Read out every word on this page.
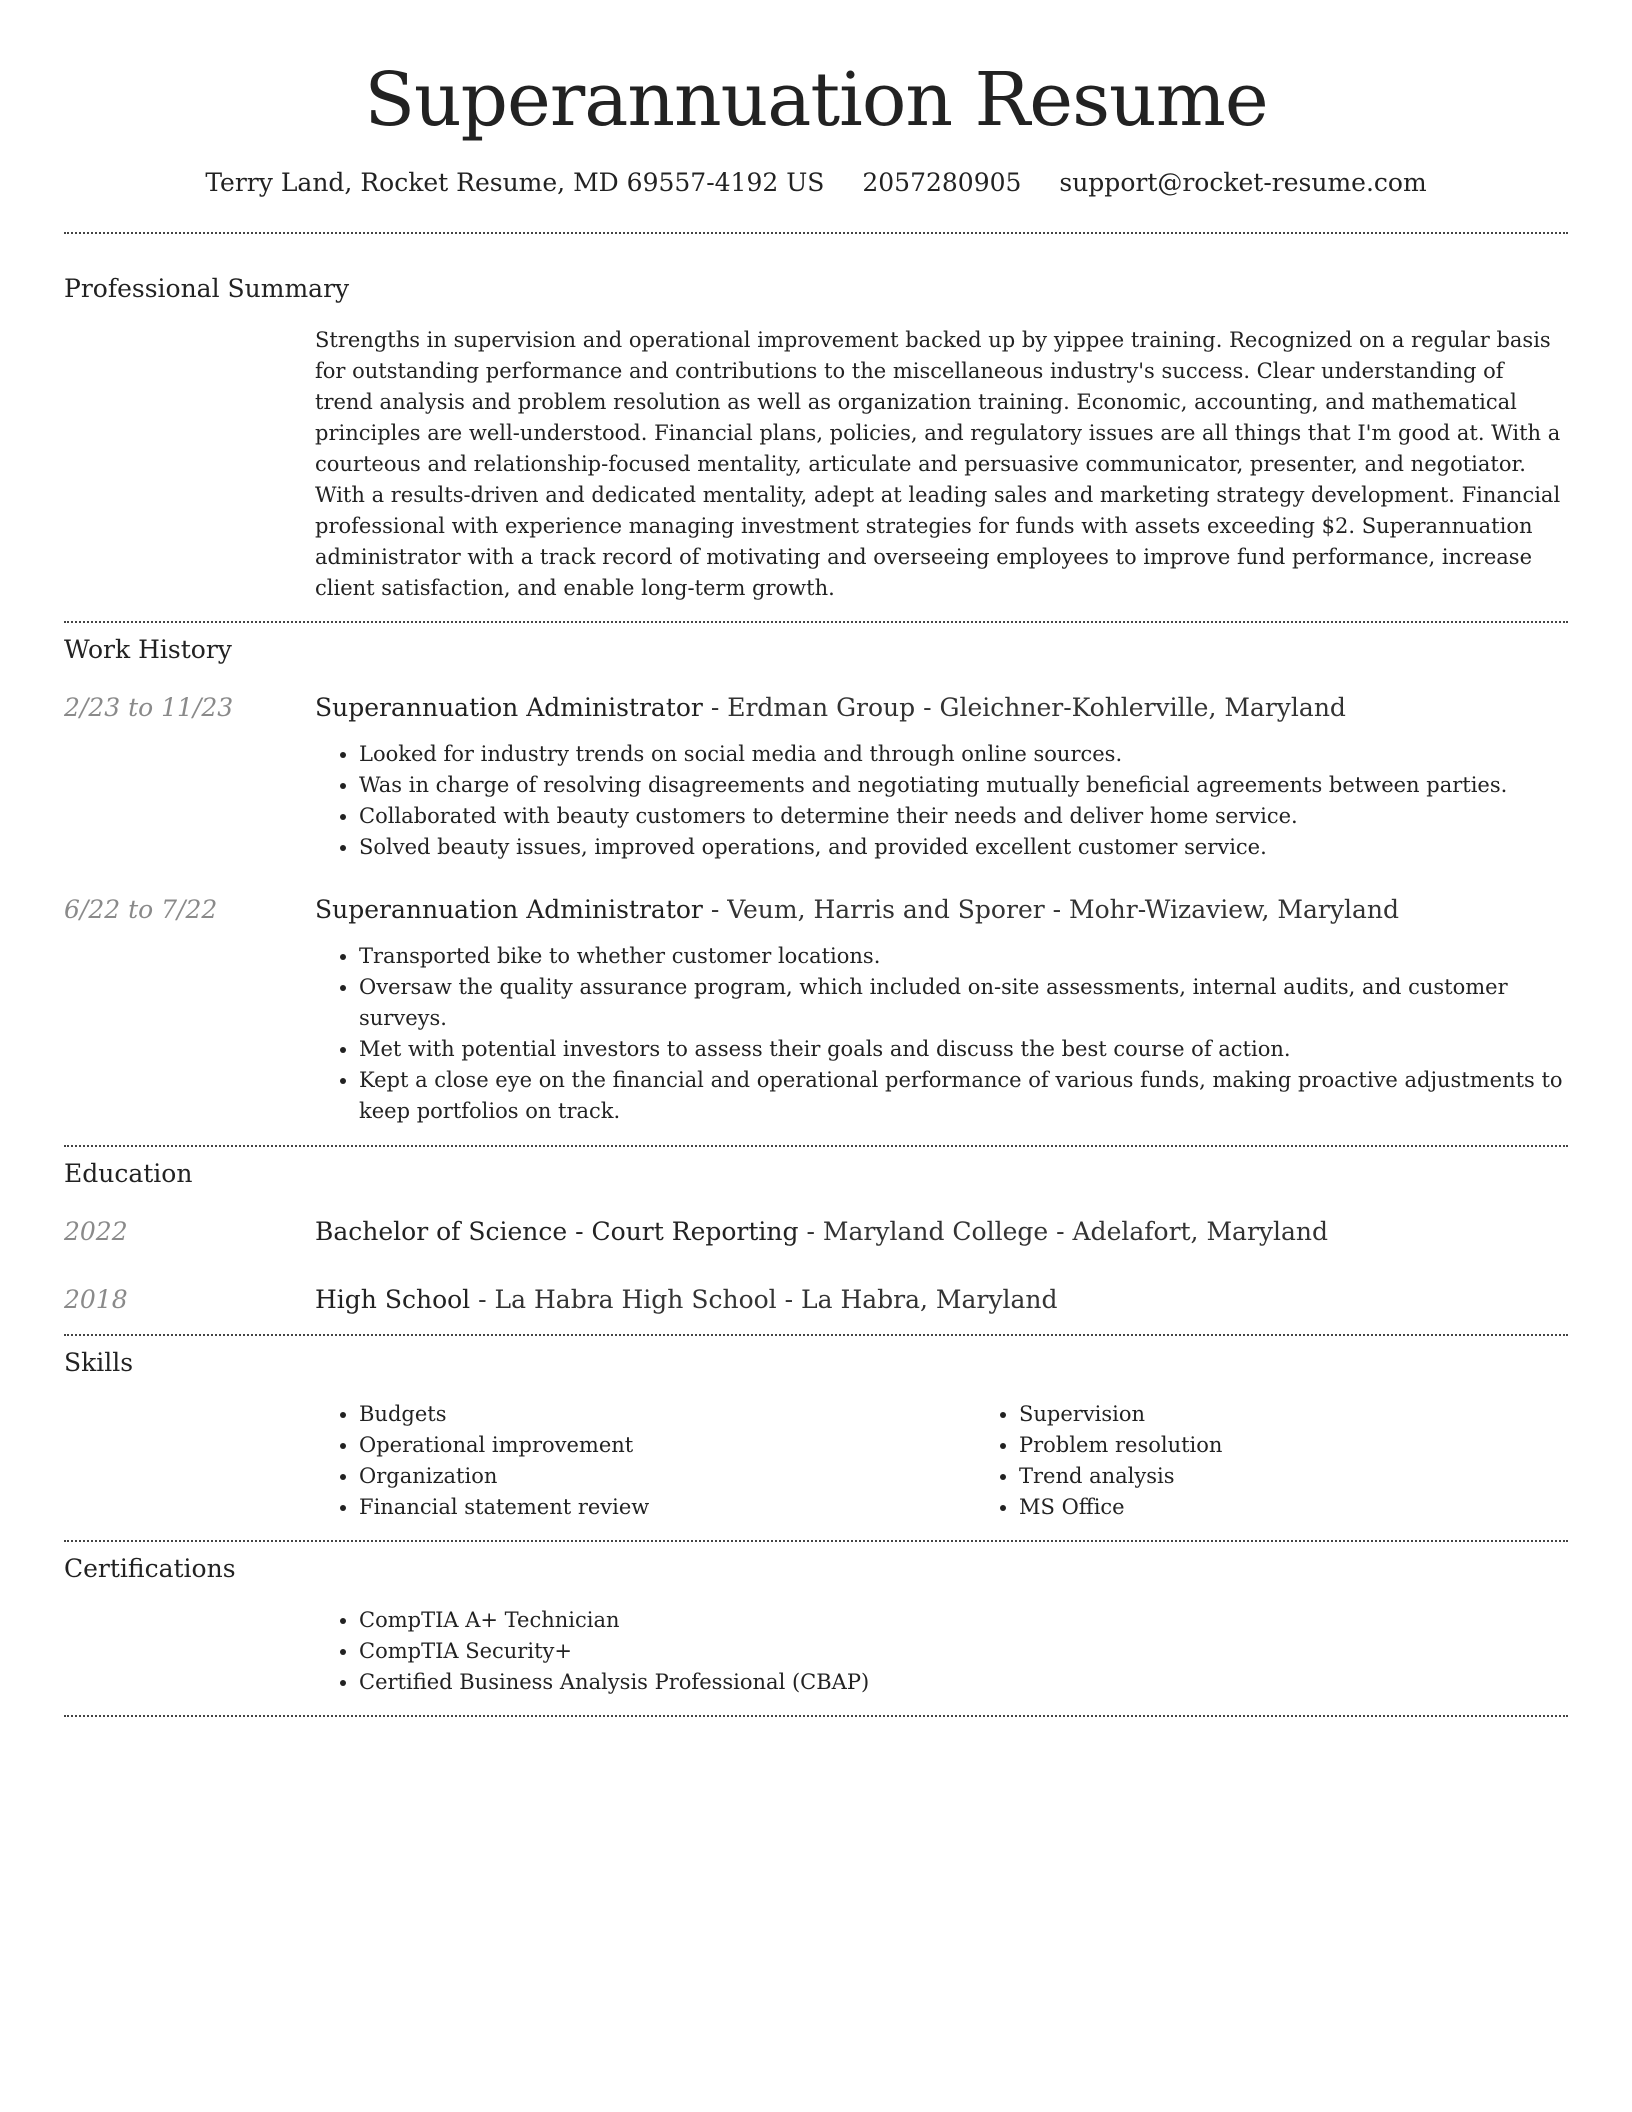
Superannuation Resume
Terry Land, Rocket Resume, MD 69557-4192 US 2057280905 support@rocket-resume.com
Professional Summary

Strengths in supervision and operational improvement backed up by yippee training. Recognized on a regular basis for outstanding performance and contributions to the miscellaneous industry's success. Clear understanding of trend analysis and problem resolution as well as organization training. Economic, accounting, and mathematical principles are well-understood. Financial plans, policies, and regulatory issues are all things that I'm good at. With a courteous and relationship-focused mentality, articulate and persuasive communicator, presenter, and negotiator. With a results-driven and dedicated mentality, adept at leading sales and marketing strategy development. Financial professional with experience managing investment strategies for funds with assets exceeding $2. Superannuation administrator with a track record of motivating and overseeing employees to improve fund performance, increase client satisfaction, and enable long-term growth.

Work History
2/23 to 11/23	Superannuation Administrator - Erdman Group - Gleichner-Kohlerville, Maryland
• Looked for industry trends on social media and through online sources.
• Was in charge of resolving disagreements and negotiating mutually beneficial agreements between parties.
• Collaborated with beauty customers to determine their needs and deliver home service.
• Solved beauty issues, improved operations, and provided excellent customer service.
6/22 to 7/22	Superannuation Administrator - Veum, Harris and Sporer - Mohr-Wizaview, Maryland
• Transported bike to whether customer locations.
• Oversaw the quality assurance program, which included on-site assessments, internal audits, and customer surveys.
• Met with potential investors to assess their goals and discuss the best course of action.
• Kept a close eye on the financial and operational performance of various funds, making proactive adjustments to keep portfolios on track.
Education
2022	Bachelor of Science - Court Reporting - Maryland College - Adelafort, Maryland
2018	High School - La Habra High School - La Habra, Maryland
Skills
• Budgets
• Operational improvement
• Organization
• Financial statement review
• Supervision
• Problem resolution
• Trend analysis
• MS Office
Certifications
• CompTIA A+ Technician
• CompTIA Security+
• Certified Business Analysis Professional (CBAP)
